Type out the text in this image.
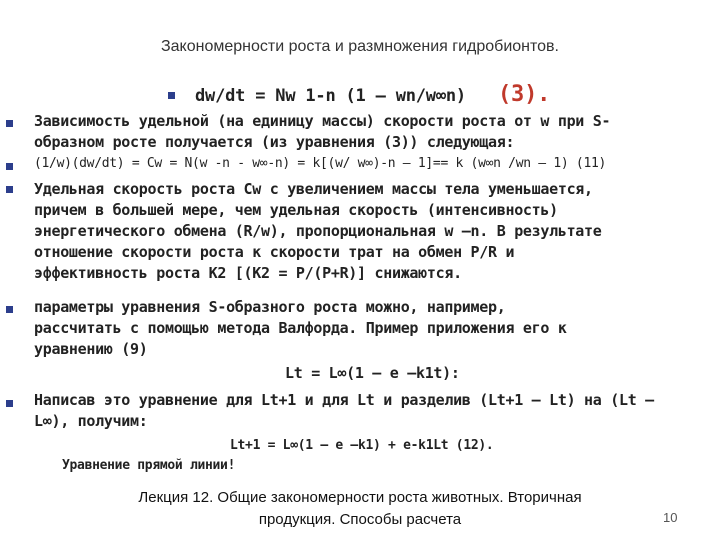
Закономерности роста и размножения гидробионтов.
dw/dt = Nw 1-n (1 – wn/w∞n) (3).
Зависимость удельной (на единицу массы) скорости роста от w при S-
образном росте получается (из уравнения (3)) следующая:
(1/w)(dw/dt) = Cw = N(w -n - w∞-n) = k[(w/ w∞)-n – 1]== k (w∞n /wn – 1) (11)
Удельная скорость роста Cw с увеличением массы тела уменьшается,
причем в большей мере, чем удельная скорость (интенсивность)
энергетического обмена (R/w), пропорциональная w –n. В результате
отношение скорости роста к скорости трат на обмен P/R и
эффективность роста K2 [(K2 = P/(P+R)] снижаются.
параметры уравнения S-образного роста можно, например,
рассчитать с помощью метода Валфорда. Пример приложения его к
уравнению (9)
Lt = L∞(1 – e –k1t):
Написав это уравнение для Lt+1 и для Lt и разделив (Lt+1 – Lt) на (Lt –
L∞), получим:
Lt+1 = L∞(1 – e –k1) + e-k1Lt (12).
Уравнение прямой линии!
Лекция 12. Общие закономерности роста животных. Вторичная
продукция. Способы расчета	10
